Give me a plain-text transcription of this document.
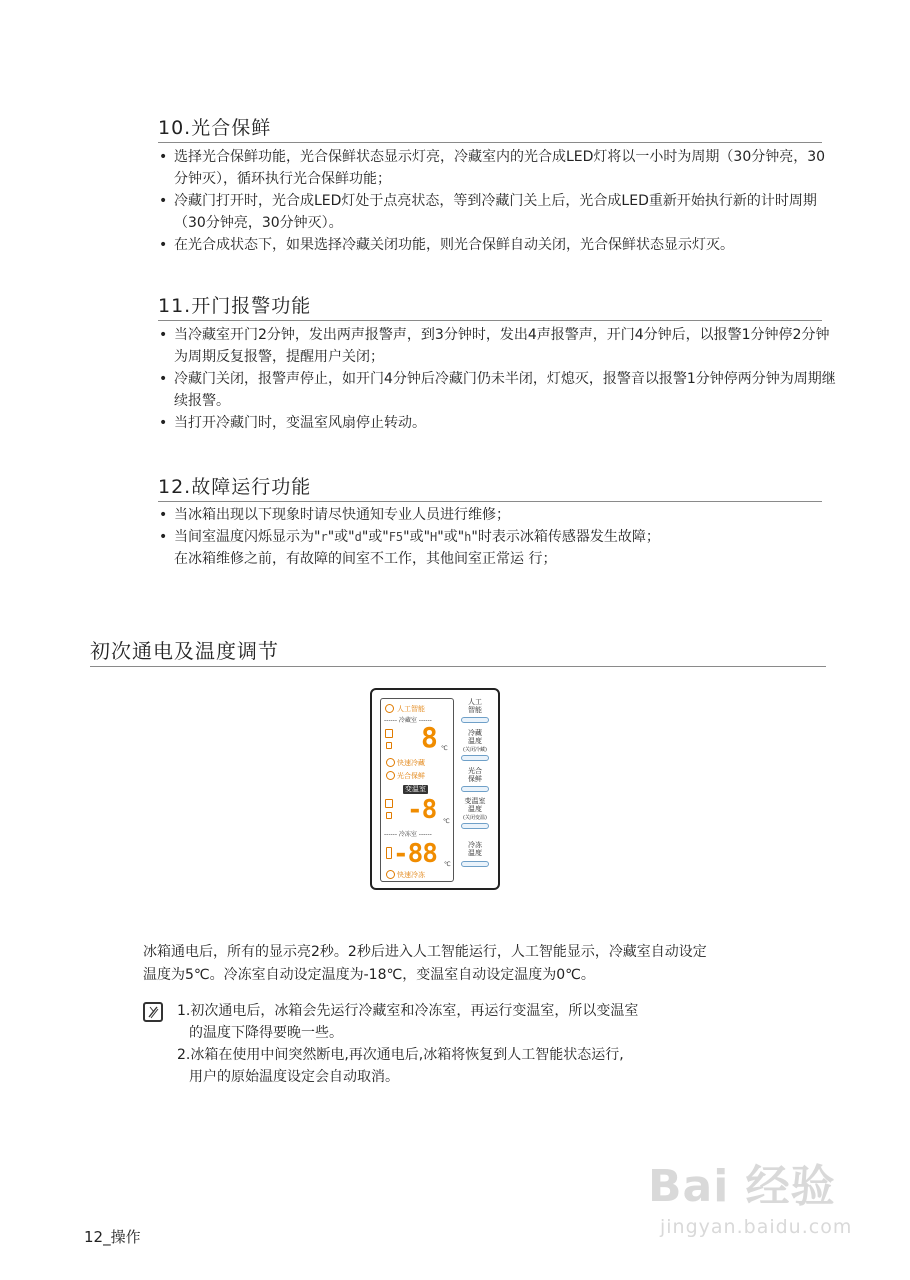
10.光合保鲜
• 选择光合保鲜功能，光合保鲜状态显示灯亮，冷藏室内的光合成LED灯将以一小时为周期（30分钟亮，30分钟灭），循环执行光合保鲜功能；
• 冷藏门打开时，光合成LED灯处于点亮状态，等到冷藏门关上后，光合成LED重新开始执行新的计时周期（30分钟亮，30分钟灭）。
• 在光合成状态下，如果选择冷藏关闭功能，则光合保鲜自动关闭，光合保鲜状态显示灯灭。
11.开门报警功能
• 当冷藏室开门2分钟，发出两声报警声，到3分钟时，发出4声报警声，开门4分钟后，以报警1分钟停2分钟为周期反复报警，提醒用户关闭；
• 冷藏门关闭，报警声停止，如开门4分钟后冷藏门仍未半闭，灯熄灭，报警音以报警1分钟停两分钟为周期继续报警。
• 当打开冷藏门时，变温室风扇停止转动。
12.故障运行功能
• 当冰箱出现以下现象时请尽快通知专业人员进行维修；
• 当间室温度闪烁显示为"r"或"d"或"F5"或"H"或"h"时表示冰箱传感器发生故障；
在冰箱维修之前，有故障的间室不工作，其他间室正常运 行；
初次通电及温度调节
人工智能
------ 冷藏室 ------
8 ℃
快速冷藏
光合保鲜
变温室
-8 ℃
------ 冷冻室 ------
-88 ℃
快速冷冻
人工
智能
冷藏
温度
(关闭冷藏)
光合
保鲜
变温室
温度
(关闭变温)
冷冻
温度
冰箱通电后，所有的显示亮2秒。2秒后进入人工智能运行，人工智能显示，冷藏室自动设定
温度为5℃。冷冻室自动设定温度为-18℃，变温室自动设定温度为0℃。

1.初次通电后，冰箱会先运行冷藏室和冷冻室，再运行变温室，所以变温室

的温度下降得要晚一些。

2.冰箱在使用中间突然断电,再次通电后,冰箱将恢复到人工智能状态运行,

用户的原始温度设定会自动取消。

Bai 经验
jingyan.baidu.com
12_操作
